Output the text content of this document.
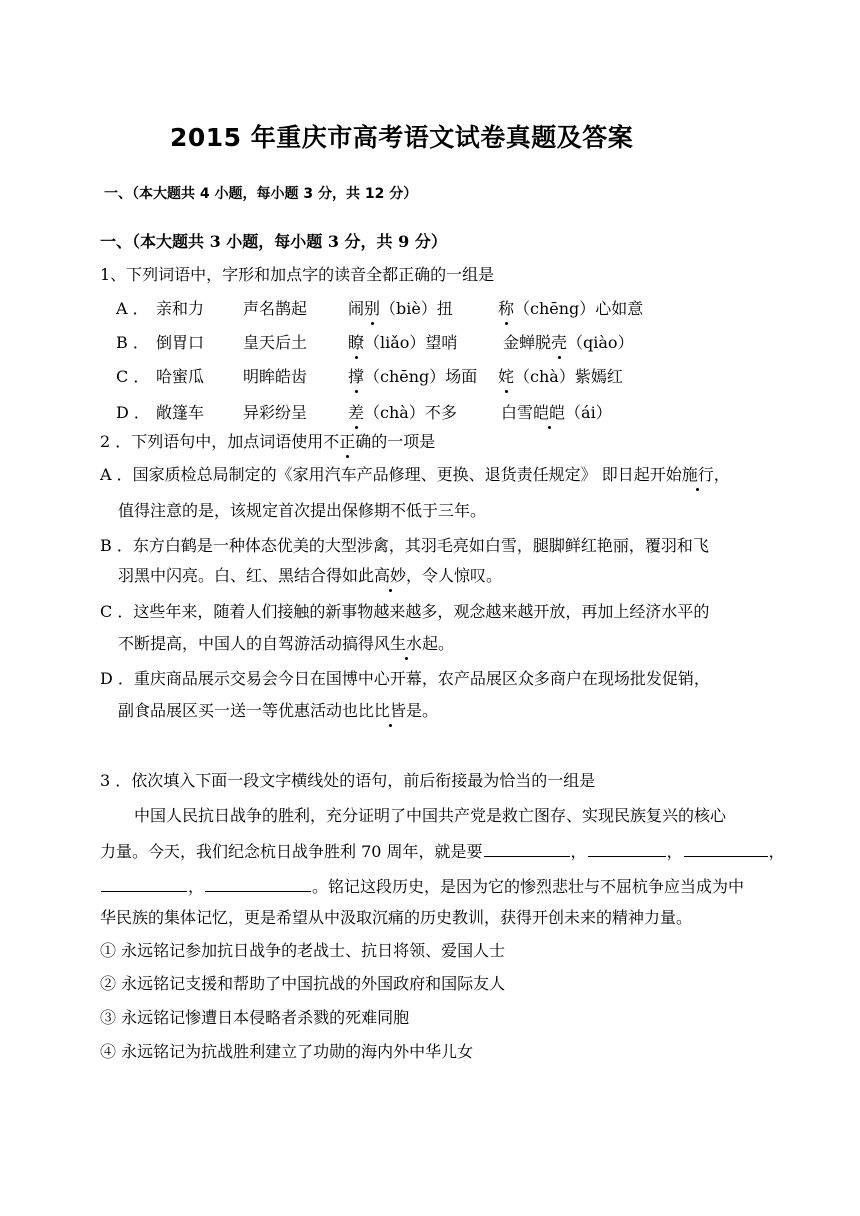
2015 年重庆市高考语文试卷真题及答案
一、（本大题共 4 小题，每小题 3 分，共 12 分）
一、（本大题共 3 小题，每小题 3 分，共 9 分）
1、下列词语中，字形和加点字的读音全都正确的一组是
A ． 亲和力 声名鹊起	闹别（biè）扭	称（chēng）心如意
B ． 倒胃口 皇天后土	瞭（liǎo）望哨	金蝉脱壳（qiào）
C ． 哈蜜瓜 明眸皓齿	撑（chēng）场面 姹（chà）紫嫣红
D ． 敞篷车 异彩纷呈	差（chà）不多	白雪皑皑（ái）
2 ．下列语句中，加点词语使用不正确的一项是
A ．国家质检总局制定的《家用汽车产品修理、更换、退货责任规定》 即日起开始施行，
值得注意的是，该规定首次提出保修期不低于三年。
B ．东方白鹤是一种体态优美的大型涉禽，其羽毛亮如白雪，腿脚鲜红艳丽，覆羽和飞
羽黑中闪亮。白、红、黑结合得如此高妙，令人惊叹。
C ．这些年来，随着人们接触的新事物越来越多，观念越来越开放，再加上经济水平的
不断提高，中国人的自驾游活动搞得风生水起。
D ．重庆商品展示交易会今日在国博中心开幕，农产品展区众多商户在现场批发促销，
副食品展区买一送一等优惠活动也比比皆是。
3 ．依次填入下面一段文字横线处的语句，前后衔接最为恰当的一组是
中国人民抗日战争的胜利，充分证明了中国共产党是救亡图存、实现民族复兴的核心
力量。今天，我们纪念杭日战争胜利 70 周年，就是要	，	，	，
，	。铭记这段历史，是因为它的惨烈悲壮与不屈杭争应当成为中
华民族的集体记忆，更是希望从中汲取沉痛的历史教训，获得开创未来的精神力量。
① 永远铭记参加抗日战争的老战士、抗日将领、爱国人士
② 永远铭记支援和帮助了中国抗战的外国政府和国际友人
③ 永远铭记惨遭日本侵略者杀戮的死难同胞
④ 永远铭记为抗战胜利建立了功勋的海内外中华儿女
